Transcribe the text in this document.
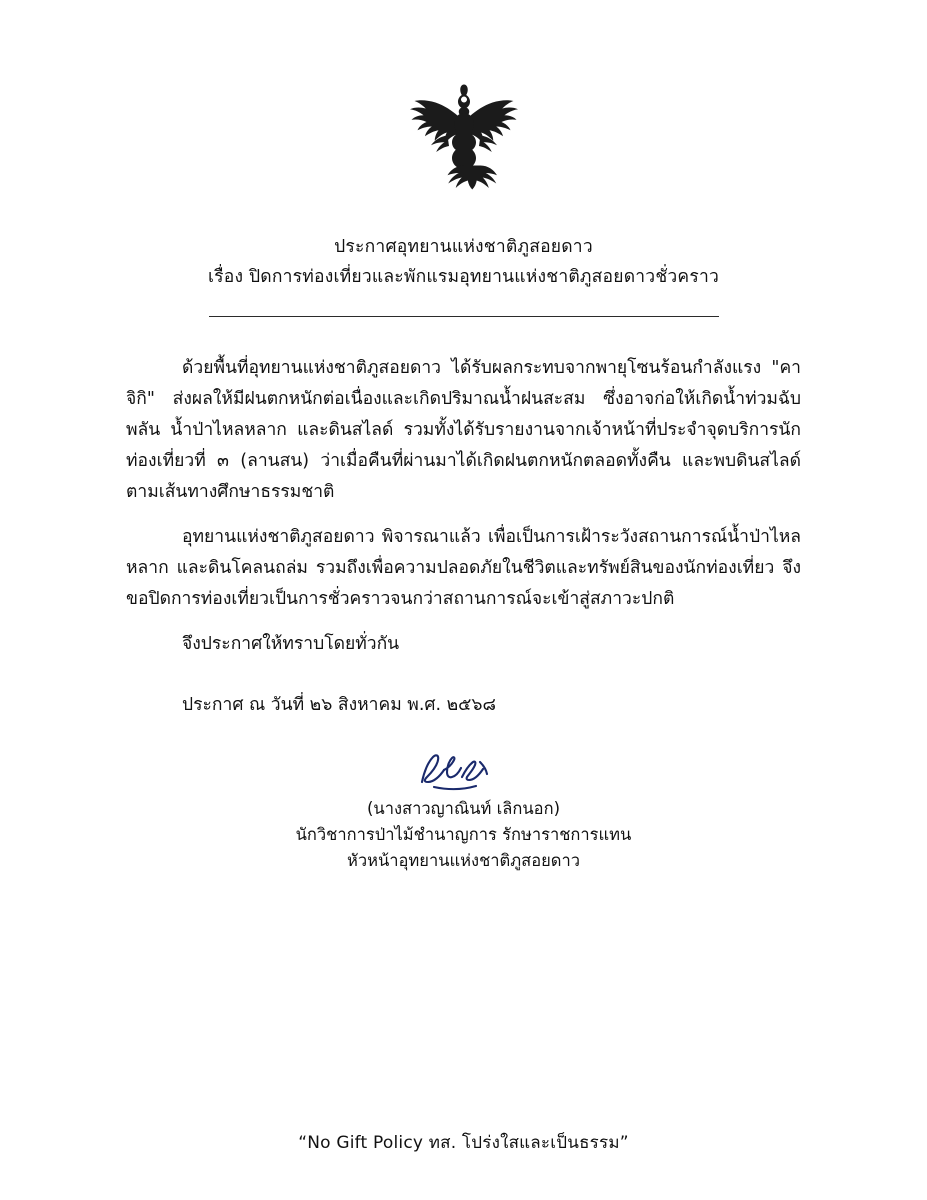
ประกาศอุทยานแห่งชาติภูสอยดาว
เรื่อง ปิดการท่องเที่ยวและพักแรมอุทยานแห่งชาติภูสอยดาวชั่วคราว

ด้วยพื้นที่อุทยานแห่งชาติภูสอยดาว ได้รับผลกระทบจากพายุโซนร้อนกำลังแรง "คาจิกิ" ส่งผลให้มีฝนตกหนักต่อเนื่องและเกิดปริมาณน้ำฝนสะสม ซึ่งอาจก่อให้เกิดน้ำท่วมฉับพลัน น้ำป่าไหลหลาก และดินสไลด์ รวมทั้งได้รับรายงานจากเจ้าหน้าที่ประจำจุดบริการนักท่องเที่ยวที่ ๓ (ลานสน) ว่าเมื่อคืนที่ผ่านมาได้เกิดฝนตกหนักตลอดทั้งคืน และพบดินสไลด์ตามเส้นทางศึกษาธรรมชาติ

อุทยานแห่งชาติภูสอยดาว พิจารณาแล้ว เพื่อเป็นการเฝ้าระวังสถานการณ์น้ำป่าไหลหลาก และดินโคลนถล่ม รวมถึงเพื่อความปลอดภัยในชีวิตและทรัพย์สินของนักท่องเที่ยว จึงขอปิดการท่องเที่ยวเป็นการชั่วคราวจนกว่าสถานการณ์จะเข้าสู่สภาวะปกติ

จึงประกาศให้ทราบโดยทั่วกัน

ประกาศ ณ วันที่ ๒๖ สิงหาคม พ.ศ. ๒๕๖๘
(นางสาวญาณินท์ เลิกนอก)
นักวิชาการป่าไม้ชำนาญการ รักษาราชการแทน
หัวหน้าอุทยานแห่งชาติภูสอยดาว
“No Gift Policy ทส. โปร่งใสและเป็นธรรม”
